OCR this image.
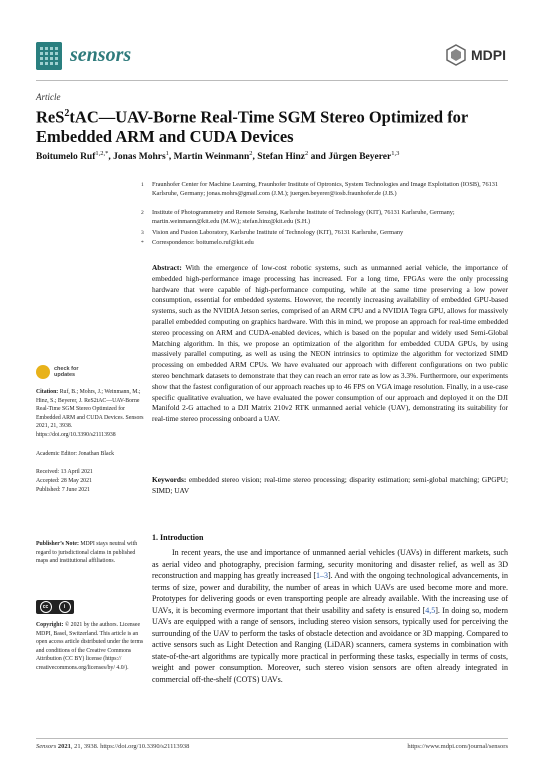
sensors	MDPI
Article
ReS$^2$tAC—UAV-Borne Real-Time SGM Stereo Optimized for Embedded ARM and CUDA Devices
Boitumelo Ruf$^{1,2,*}$, Jonas Mohrs$^1$, Martin Weinmann$^2$, Stefan Hinz$^2$ and Jürgen Beyerer$^{1,3}$
1 Fraunhofer Center for Machine Learning, Fraunhofer Institute of Optronics, System Technologies and Image Exploitation (IOSB), 76131 Karlsruhe, Germany; jonas.mohrs@gmail.com (J.M.); juergen.beyerer@iosb.fraunhofer.de (J.B.)
2 Institute of Photogrammetry and Remote Sensing, Karlsruhe Institute of Technology (KIT), 76131 Karlsruhe, Germany; martin.weinmann@kit.edu (M.W.); stefan.hinz@kit.edu (S.H.)
3 Vision and Fusion Laboratory, Karlsruhe Institute of Technology (KIT), 76131 Karlsruhe, Germany
* Correspondence: boitumelo.ruf@kit.edu
Abstract: With the emergence of low-cost robotic systems, such as unmanned aerial vehicle, the importance of embedded high-performance image processing has increased. For a long time, FPGAs were the only processing hardware that were capable of high-performance computing, while at the same time preserving a low power consumption, essential for embedded systems. However, the recently increasing availability of embedded GPU-based systems, such as the NVIDIA Jetson series, comprised of an ARM CPU and a NVIDIA Tegra GPU, allows for massively parallel embedded computing on graphics hardware. With this in mind, we propose an approach for real-time embedded stereo processing on ARM and CUDA-enabled devices, which is based on the popular and widely used Semi-Global Matching algorithm. In this, we propose an optimization of the algorithm for embedded CUDA GPUs, by using massively parallel computing, as well as using the NEON intrinsics to optimize the algorithm for vectorized SIMD processing on embedded ARM CPUs. We have evaluated our approach with different configurations on two public stereo benchmark datasets to demonstrate that they can reach an error rate as low as 3.3%. Furthermore, our experiments show that the fastest configuration of our approach reaches up to 46 FPS on VGA image resolution. Finally, in a use-case specific qualitative evaluation, we have evaluated the power consumption of our approach and deployed it on the DJI Manifold 2-G attached to a DJI Matrix 210v2 RTK unmanned aerial vehicle (UAV), demonstrating its suitability for real-time stereo processing onboard a UAV.
Keywords: embedded stereo vision; real-time stereo processing; disparity estimation; semi-global matching; GPGPU; SIMD; UAV
check for
updates
Citation: Ruf, B.; Mohrs, J.; Weinmann, M.; Hinz, S.; Beyerer, J. ReS2tAC—UAV-Borne Real-Time SGM Stereo Optimized for Embedded ARM and CUDA Devices. Sensors 2021, 21, 3938. https://doi.org/10.3390/s21113938
Academic Editor: Jonathan Black
Received: 13 April 2021
Accepted: 28 May 2021
Published: 7 June 2021
Publisher’s Note: MDPI stays neutral with regard to jurisdictional claims in published maps and institutional affiliations.
cc	i
Copyright: © 2021 by the authors. Licensee MDPI, Basel, Switzerland. This article is an open access article distributed under the terms and conditions of the Creative Commons Attribution (CC BY) license (https:// creativecommons.org/licenses/by/ 4.0/).
1. Introduction
In recent years, the use and importance of unmanned aerial vehicles (UAVs) in different markets, such as aerial video and photography, precision farming, security monitoring and disaster relief, as well as 3D reconstruction and mapping has greatly increased [1–3]. And with the ongoing technological advancements, in terms of size, power and durability, the number of areas in which UAVs are used become more and more. Prototypes for delivering goods or even transporting people are already available. With the increasing use of UAVs, it is becoming evermore important that their usability and safety is ensured [4,5]. In doing so, modern UAVs are equipped with a range of sensors, including stereo vision sensors, typically used for perceiving the surrounding of the UAV to perform the tasks of obstacle detection and avoidance or 3D mapping. Compared to active sensors such as Light Detection and Ranging (LiDAR) scanners, camera systems in combination with state-of-the-art algorithms are typically more practical in performing these tasks, especially in terms of costs, weight and power consumption. Moreover, such stereo vision sensors are often already integrated in commercial off-the-shelf (COTS) UAVs.
Sensors 2021, 21, 3938. https://doi.org/10.3390/s21113938	https://www.mdpi.com/journal/sensors
